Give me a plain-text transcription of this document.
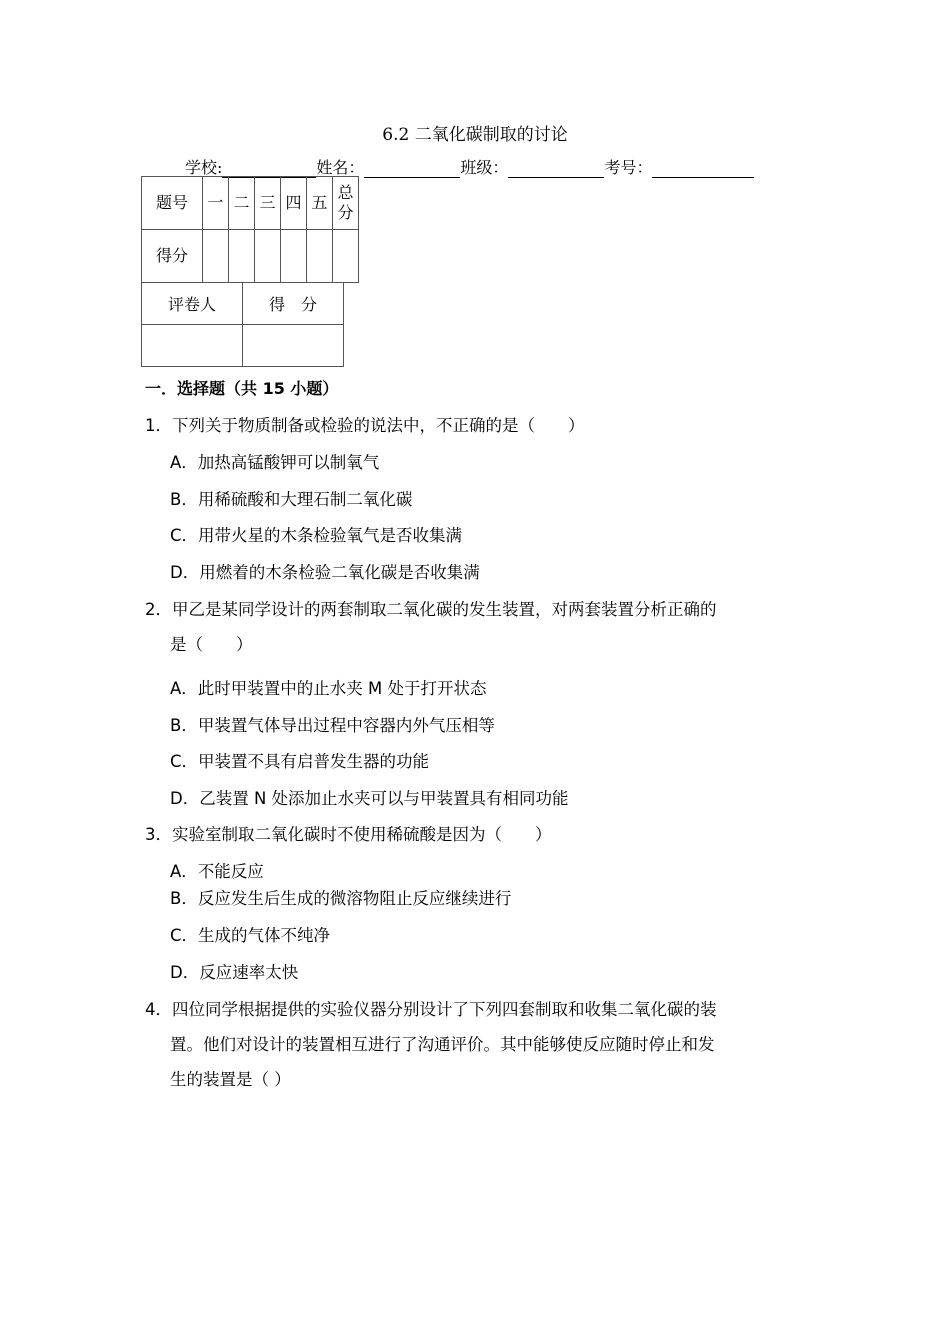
6.2 二氧化碳制取的讨论
学校:	姓名：	班级：	考号：
题号	一	二	三	四	五	总分
得分						
评卷人	得　分

一．选择题（共 15 小题）
1．下列关于物质制备或检验的说法中，不正确的是（　　）
A．加热高锰酸钾可以制氧气
B．用稀硫酸和大理石制二氧化碳
C．用带火星的木条检验氧气是否收集满
D．用燃着的木条检验二氧化碳是否收集满
2．甲乙是某同学设计的两套制取二氧化碳的发生装置，对两套装置分析正确的
是（　　）
A．此时甲装置中的止水夹 M 处于打开状态
B．甲装置气体导出过程中容器内外气压相等
C．甲装置不具有启普发生器的功能
D．乙装置 N 处添加止水夹可以与甲装置具有相同功能
3．实验室制取二氧化碳时不使用稀硫酸是因为（　　）
A．不能反应
B．反应发生后生成的微溶物阻止反应继续进行
C．生成的气体不纯净
D．反应速率太快
4．四位同学根据提供的实验仪器分别设计了下列四套制取和收集二氧化碳的装
置。他们对设计的装置相互进行了沟通评价。其中能够使反应随时停止和发
生的装置是（ ）
